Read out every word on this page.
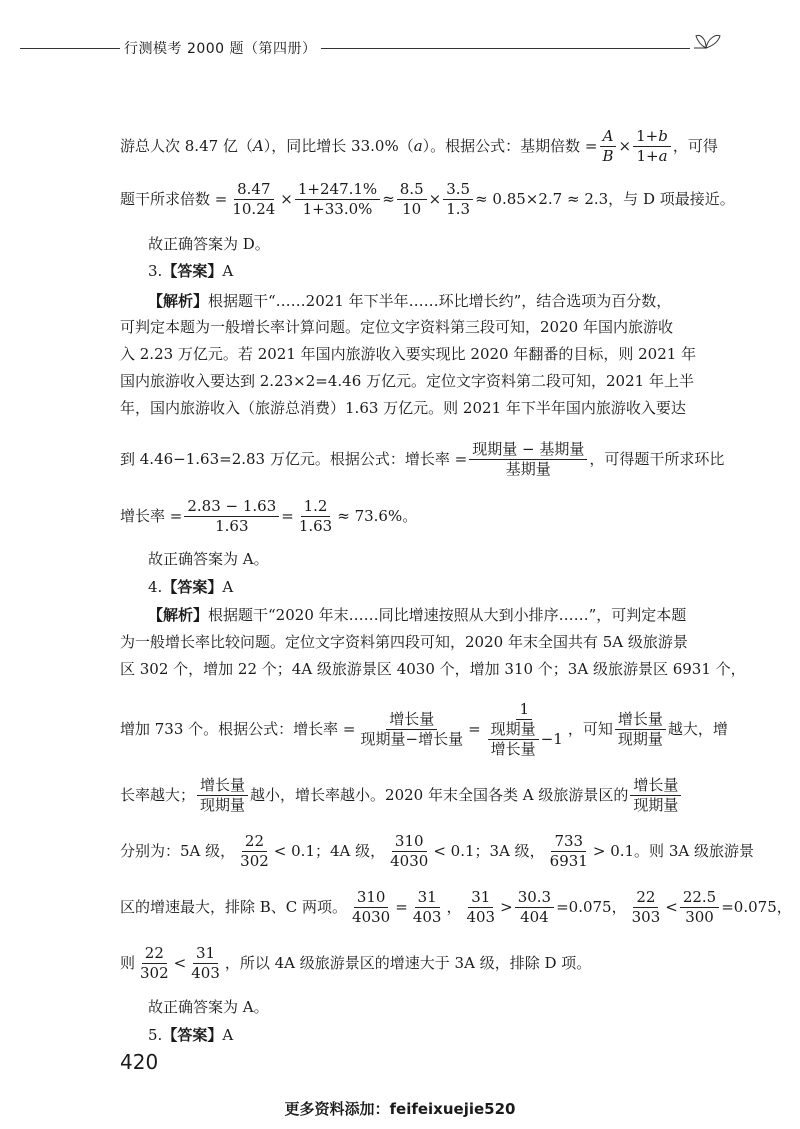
行测模考 2000 题（第四册）
游总人次 8.47 亿（ A ），同比增长 33.0%（ a ）。根据公式：基期倍数 = $\frac{A}{B} \times \frac{1+b}{1+a}$ ，可得
题干所求倍数 = $\frac{8.47}{10.24} \times \frac{1+247.1\%}{1+33.0\%} \approx \frac{8.5}{10} \times \frac{3.5}{1.3} \approx 0.85\times 2.7 \approx 2.3$，与 D 项最接近。
故正确答案为 D。
3.【答案】A
【解析】根据题干“……2021 年下半年……环比增长约”，结合选项为百分数，
可判定本题为一般增长率计算问题。定位文字资料第三段可知，2020 年国内旅游收
入 2.23 万亿元。若 2021 年国内旅游收入要实现比 2020 年翻番的目标，则 2021 年
国内旅游收入要达到 2.23×2=4.46 万亿元。定位文字资料第二段可知，2021 年上半
年，国内旅游收入（旅游总消费）1.63 万亿元。则 2021 年下半年国内旅游收入要达
到 4.46−1.63=2.83 万亿元。根据公式：增长率 = $\frac{\text{现期量 − 基期量}}{\text{基期量}}$ ，可得题干所求环比
增长率 = $\frac{2.83 - 1.63}{1.63} = \frac{1.2}{1.63} \approx 73.6\%$。
故正确答案为 A。
4.【答案】A
【解析】根据题干“2020 年末……同比增速按照从大到小排序……”，可判定本题
为一般增长率比较问题。定位文字资料第四段可知，2020 年末全国共有 5A 级旅游景
区 302 个，增加 22 个；4A 级旅游景区 4030 个，增加 310 个；3A 级旅游景区 6931 个，
增加 733 个。根据公式：增长率 = $\frac{\text{增长量}}{\text{现期量−增长量}} = \frac{1}{\frac{\text{现期量}}{\text{增长量}} -1}$ ，可知 $\frac{\text{增长量}}{\text{现期量}}$ 越大，增
长率越大； $\frac{\text{增长量}}{\text{现期量}}$ 越小，增长率越小。2020 年末全国各类 A 级旅游景区的 $\frac{\text{增长量}}{\text{现期量}}$
分别为：5A 级， $\frac{22}{302} < 0.1$；4A 级， $\frac{310}{4030} < 0.1$；3A 级， $\frac{733}{6931} > 0.1$。则 3A 级旅游景
区的增速最大，排除 B、C 两项。 $\frac{310}{4030} = \frac{31}{403}$ ， $\frac{31}{403} > \frac{30.3}{404} =0.075$， $\frac{22}{303} < \frac{22.5}{300} =0.075$，
则 $\frac{22}{302} < \frac{31}{403}$ ，所以 4A 级旅游景区的增速大于 3A 级，排除 D 项。
故正确答案为 A。
5.【答案】A
420
更多资料添加：feifeixuejie520
